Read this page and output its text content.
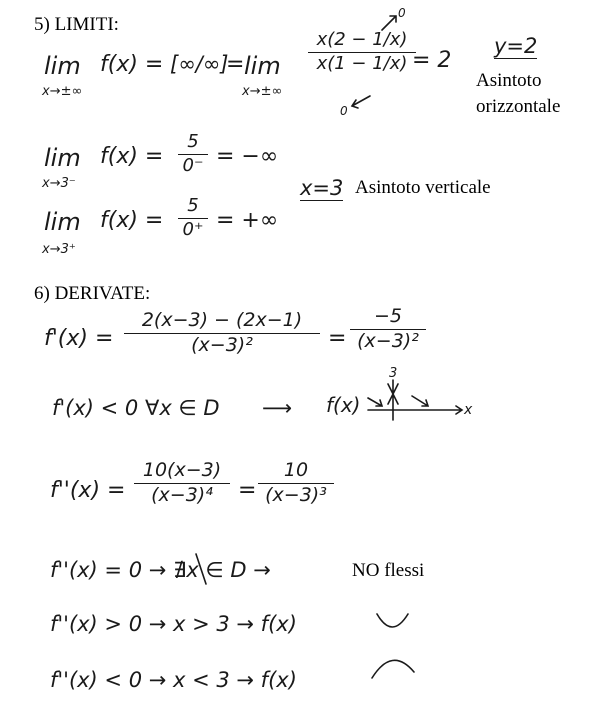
5) LIMITI:
lim
x→±∞
f(x) = [∞/∞]
= lim
x→±∞
x(2 − 1/x)
x(1 − 1/x)
0
0
= 2
y=2
Asintoto
orizzontale
lim
x→3⁻
f(x) =
5
0⁻ = −∞
x=3 Asintoto verticale
lim
x→3⁺
f(x) =
5
0⁺ = +∞
6) DERIVATE:
f'(x) =
2(x−3) − (2x−1)
(x−3)²	=
−5
(x−3)²
f'(x) < 0 ∀x ∈ D ⟶ f(x)
3
x
f''(x) =
10(x−3)
(x−3)⁴	=
10
(x−3)³
f''(x) = 0 → ∄x ∈ D →	NO flessi
f''(x) > 0 → x > 3 → f(x)
f''(x) < 0 → x < 3 → f(x)
